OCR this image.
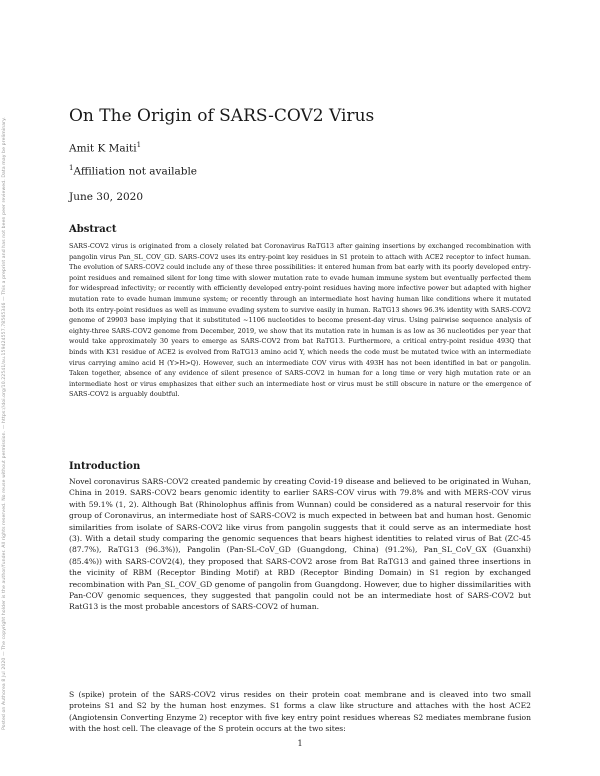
Posted on Authorea 8 Jul 2020 — The copyright holder is the author/funder. All rights reserved. No reuse without permission. — https://doi.org/10.22541/au.159424557.78565346 — This a preprint and has not been peer reviewed. Data may be preliminary.
On The Origin of SARS-COV2 Virus
Amit K Maiti$^1$
$^1$Affiliation not available
June 30, 2020
Abstract

SARS-COV2 virus is originated from a closely related bat Coronavirus RaTG13 after gaining insertions by exchanged recombination with pangolin virus Pan_SL_COV_GD. SARS-COV2 uses its entry-point key residues in S1 protein to attach with ACE2 receptor to infect human. The evolution of SARS-COV2 could include any of these three possibilities: it entered human from bat early with its poorly developed entry-point residues and remained silent for long time with slower mutation rate to evade human immune system but eventually perfected them for widespread infectivity; or recently with efficiently developed entry-point residues having more infective power but adapted with higher mutation rate to evade human immune system; or recently through an intermediate host having human like conditions where it mutated both its entry-point residues as well as immune evading system to survive easily in human. RaTG13 shows 96.3% identity with SARS-COV2 genome of 29903 base implying that it substituted ~1106 nucleotides to become present-day virus. Using pairwise sequence analysis of eighty-three SARS-COV2 genome from December, 2019, we show that its mutation rate in human is as low as 36 nucleotides per year that would take approximately 30 years to emerge as SARS-COV2 from bat RaTG13. Furthermore, a critical entry-point residue 493Q that binds with K31 residue of ACE2 is evolved from RaTG13 amino acid Y, which needs the code must be mutated twice with an intermediate virus carrying amino acid H (Y>H>Q). However, such an intermediate COV virus with 493H has not been identified in bat or pangolin. Taken together, absence of any evidence of silent presence of SARS-COV2 in human for a long time or very high mutation rate or an intermediate host or virus emphasizes that either such an intermediate host or virus must be still obscure in nature or the emergence of SARS-COV2 is arguably doubtful.

Introduction

Novel coronavirus SARS-COV2 created pandemic by creating Covid-19 disease and believed to be originated in Wuhan, China in 2019. SARS-COV2 bears genomic identity to earlier SARS-COV virus with 79.8% and with MERS-COV virus with 59.1% (1, 2). Although Bat (Rhinolophus affinis from Wunnan) could be considered as a natural reservoir for this group of Coronavirus, an intermediate host of SARS-COV2 is much expected in between bat and human host. Genomic similarities from isolate of SARS-COV2 like virus from pangolin suggests that it could serve as an intermediate host (3). With a detail study comparing the genomic sequences that bears highest identities to related virus of Bat (ZC-45 (87.7%), RaTG13 (96.3%)), Pangolin (Pan-SL-CoV_GD (Guangdong, China) (91.2%), Pan_SL_CoV_GX (Guanxhi) (85.4%)) with SARS-COV2(4), they proposed that SARS-COV2 arose from Bat RaTG13 and gained three insertions in the vicinity of RBM (Receptor Binding Motif) at RBD (Receptor Binding Domain) in S1 region by exchanged recombination with Pan_SL_COV_GD genome of pangolin from Guangdong. However, due to higher dissimilarities with Pan-COV genomic sequences, they suggested that pangolin could not be an intermediate host of SARS-COV2 but RatG13 is the most probable ancestors of SARS-COV2 of human.

S (spike) protein of the SARS-COV2 virus resides on their protein coat membrane and is cleaved into two small proteins S1 and S2 by the human host enzymes. S1 forms a claw like structure and attaches with the host ACE2 (Angiotensin Converting Enzyme 2) receptor with five key entry point residues whereas S2 mediates membrane fusion with the host cell. The cleavage of the S protein occurs at the two sites:

1
